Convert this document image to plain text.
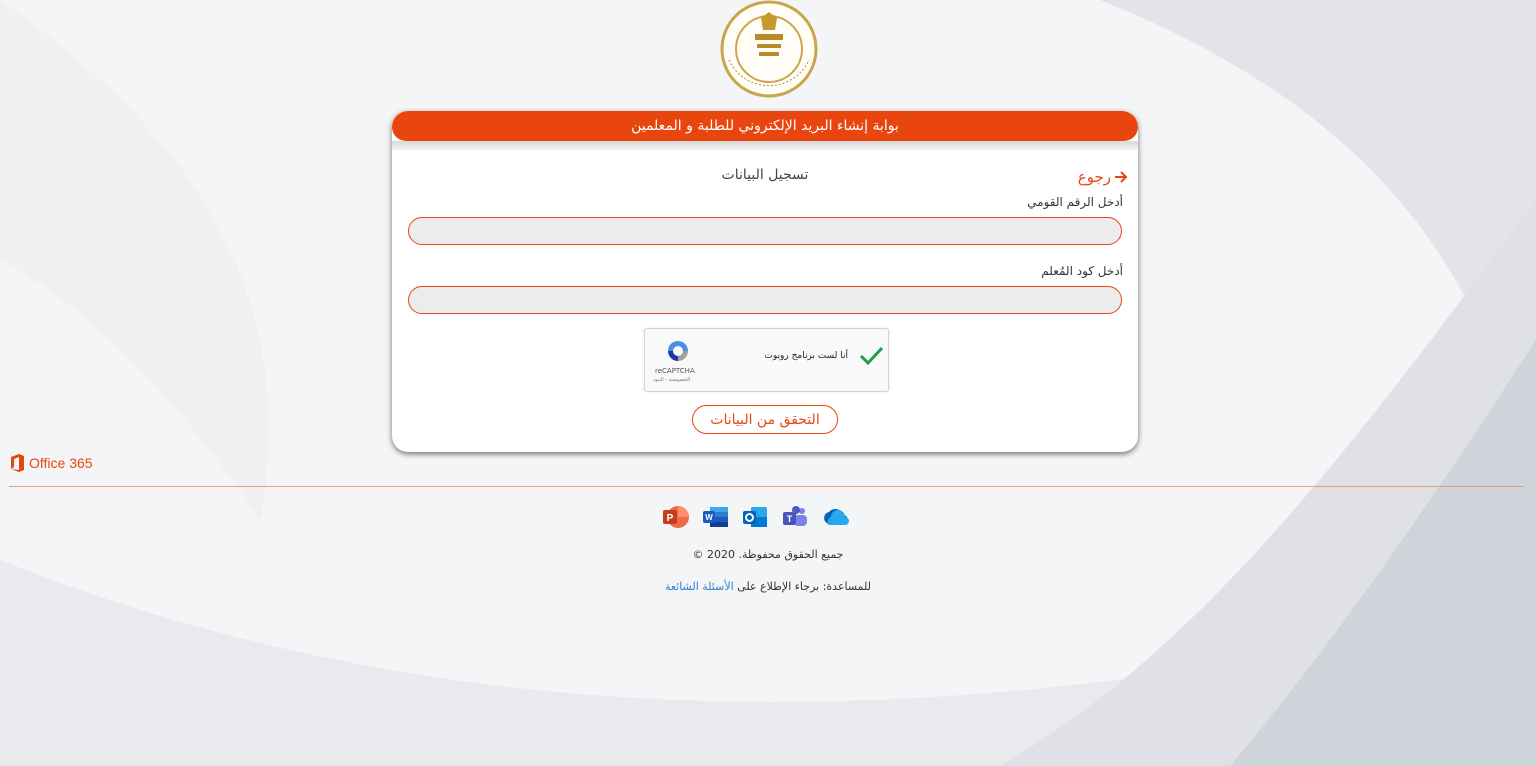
بوابة إنشاء البريد الإلكتروني للطلبة و المعلمين
رجوع
تسجيل البيانات
أدخل الرقم القومي
أدخل كود المُعلم
أنا لست برنامج روبوت
reCAPTCHA
الخصوصية - البنود
التحقق من البيانات
Office 365
P	W	T
جميع الحقوق محفوظة. 2020 ©
للمساعدة: برجاء الإطلاع على الأسئلة الشائعة
